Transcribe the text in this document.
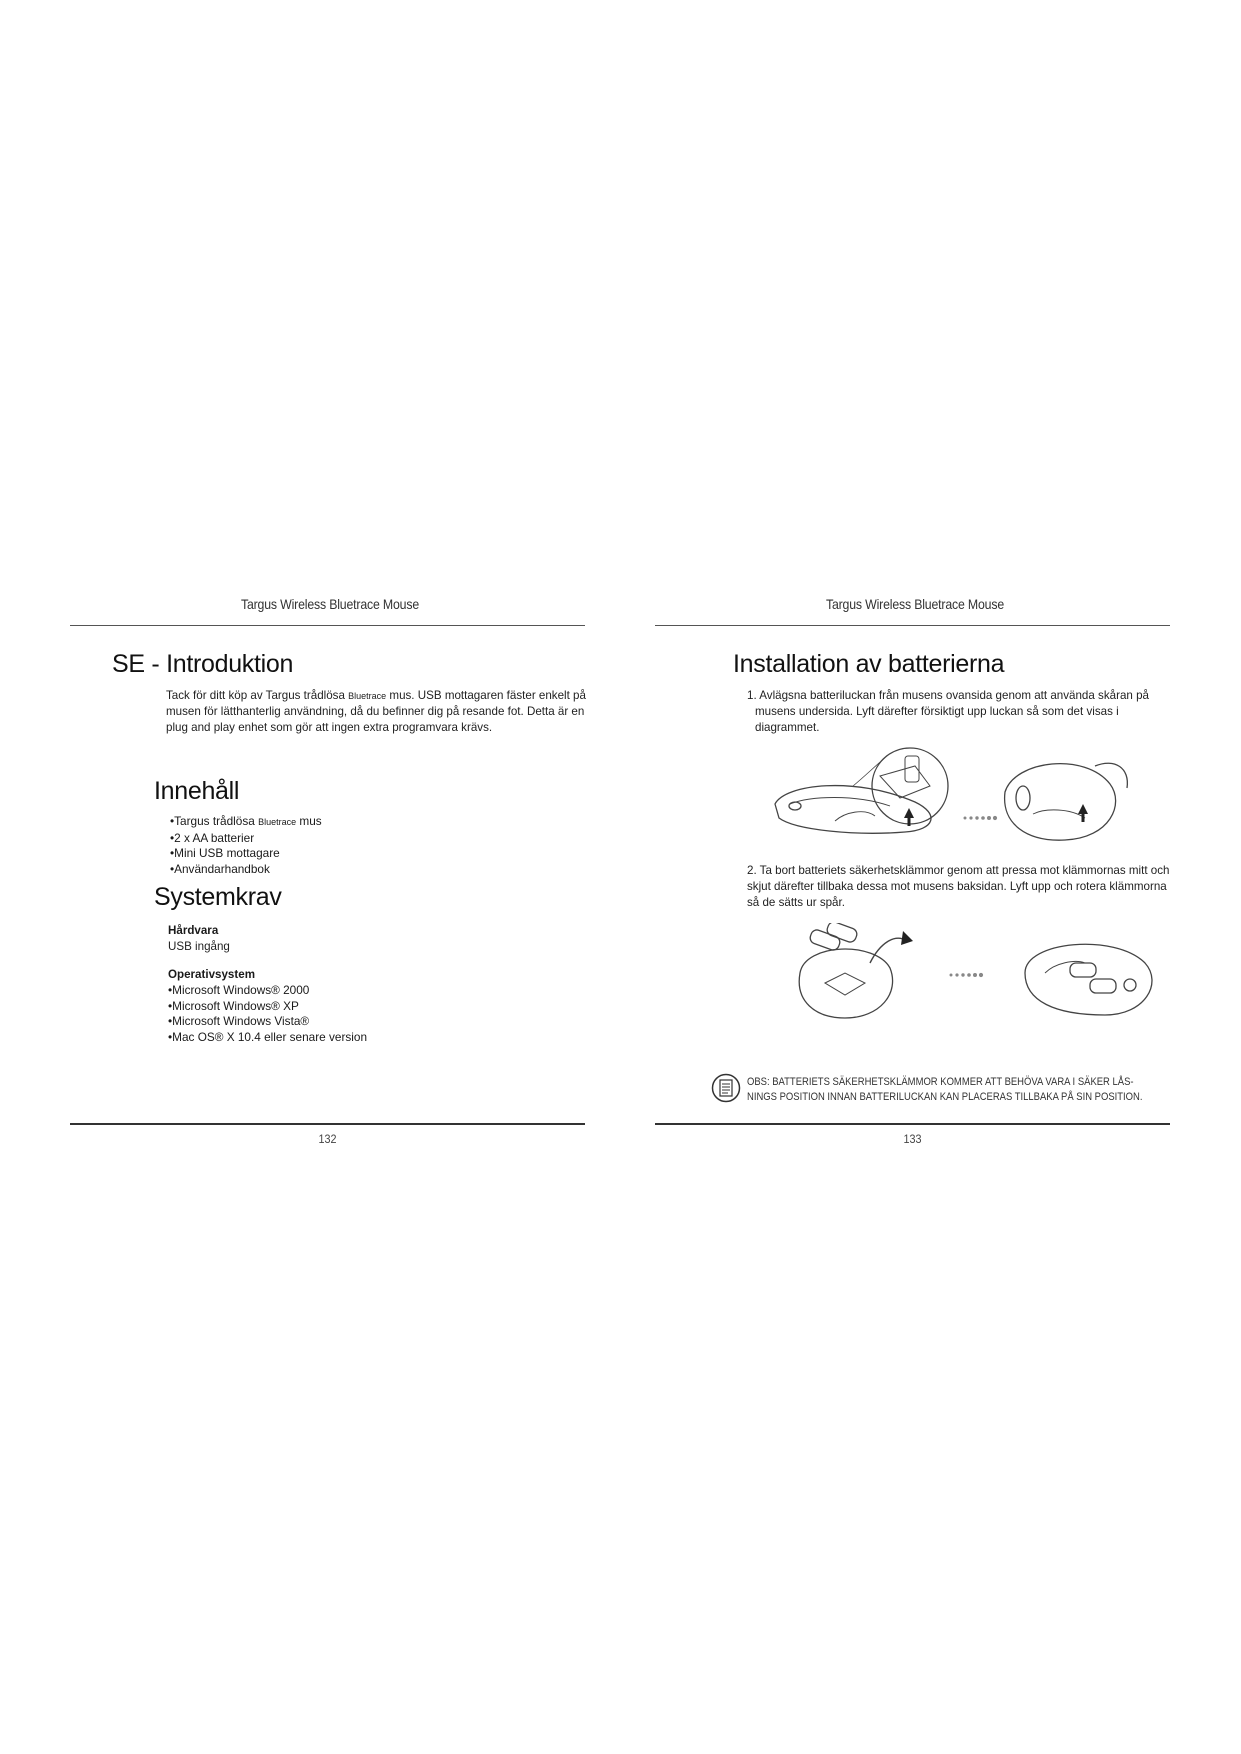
Targus Wireless Bluetrace Mouse
SE - Introduktion

Tack för ditt köp av Targus trådlösa Bluetrace mus. USB mottagaren fäster enkelt på musen för lätthanterlig användning, då du befinner dig på resande fot. Detta är en plug and play enhet som gör att ingen extra programvara krävs.

Innehåll
•Targus trådlösa Bluetrace mus
•2 x AA batterier
•Mini USB mottagare
•Användarhandbok
Systemkrav
Hårdvara
USB ingång
Operativsystem
•Microsoft Windows® 2000
•Microsoft Windows® XP
•Microsoft Windows Vista®
•Mac OS® X 10.4 eller senare version
132
Targus Wireless Bluetrace Mouse
Installation av batterierna

1. Avlägsna batteriluckan från musens ovansida genom att använda skåran på musens undersida. Lyft därefter försiktigt upp luckan så som det visas i diagrammet.

2. Ta bort batteriets säkerhetsklämmor genom att pressa mot klämmornas mitt och skjut därefter tillbaka dessa mot musens baksidan. Lyft upp och rotera klämmorna så de sätts ur spår.

OBS: BATTERIETS SÄKERHETSKLÄMMOR KOMMER ATT BEHÖVA VARA I SÄKER LÅS-
NINGS POSITION INNAN BATTERILUCKAN KAN PLACERAS TILLBAKA PÅ SIN POSITION.
133
